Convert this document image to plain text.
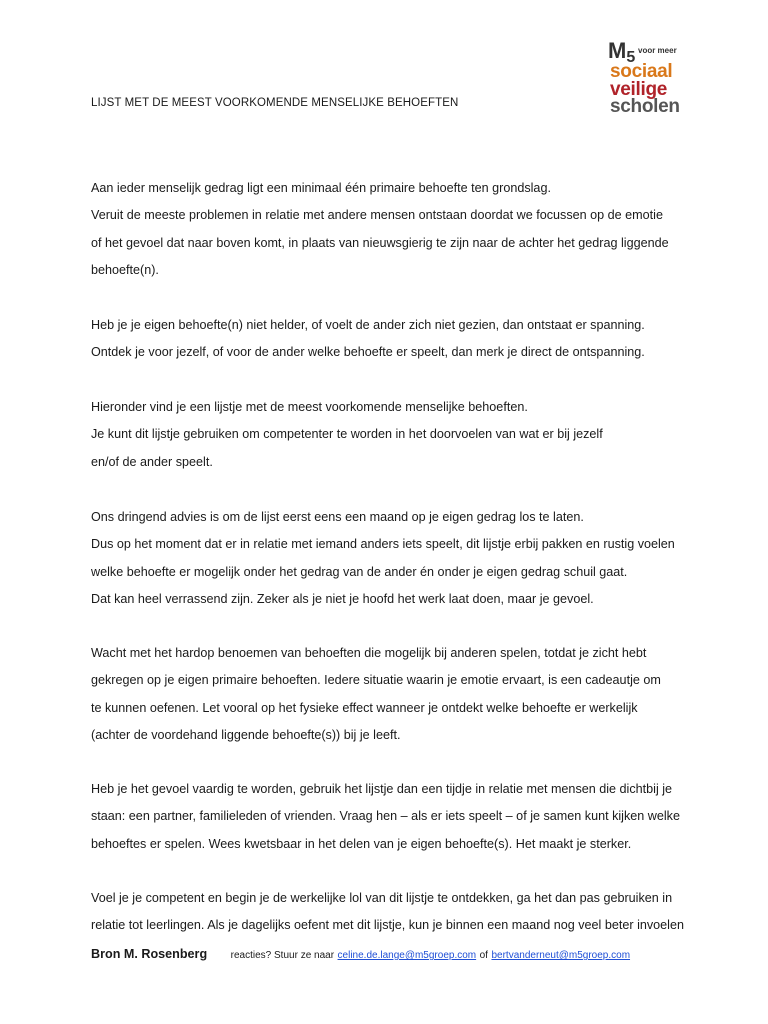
$M_5$ voor meer
sociaal
veilige
scholen
LIJST MET DE MEEST VOORKOMENDE MENSELIJKE BEHOEFTEN
Aan ieder menselijk gedrag ligt een minimaal één primaire behoefte ten grondslag.
Veruit de meeste problemen in relatie met andere mensen ontstaan doordat we focussen op de emotie
of het gevoel dat naar boven komt, in plaats van nieuwsgierig te zijn naar de achter het gedrag liggende
behoefte(n).
Heb je je eigen behoefte(n) niet helder, of voelt de ander zich niet gezien, dan ontstaat er spanning.
Ontdek je voor jezelf, of voor de ander welke behoefte er speelt, dan merk je direct de ontspanning.
Hieronder vind je een lijstje met de meest voorkomende menselijke behoeften.
Je kunt dit lijstje gebruiken om competenter te worden in het doorvoelen van wat er bij jezelf
en/of de ander speelt.
Ons dringend advies is om de lijst eerst eens een maand op je eigen gedrag los te laten.
Dus op het moment dat er in relatie met iemand anders iets speelt, dit lijstje erbij pakken en rustig voelen
welke behoefte er mogelijk onder het gedrag van de ander én onder je eigen gedrag schuil gaat.
Dat kan heel verrassend zijn. Zeker als je niet je hoofd het werk laat doen, maar je gevoel.
Wacht met het hardop benoemen van behoeften die mogelijk bij anderen spelen, totdat je zicht hebt
gekregen op je eigen primaire behoeften. Iedere situatie waarin je emotie ervaart, is een cadeautje om
te kunnen oefenen. Let vooral op het fysieke effect wanneer je ontdekt welke behoefte er werkelijk
(achter de voordehand liggende behoefte(s)) bij je leeft.
Heb je het gevoel vaardig te worden, gebruik het lijstje dan een tijdje in relatie met mensen die dichtbij je
staan: een partner, familieleden of vrienden. Vraag hen – als er iets speelt – of je samen kunt kijken welke
behoeftes er spelen. Wees kwetsbaar in het delen van je eigen behoefte(s). Het maakt je sterker.
Voel je je competent en begin je de werkelijke lol van dit lijstje te ontdekken, ga het dan pas gebruiken in
relatie tot leerlingen. Als je dagelijks oefent met dit lijstje, kun je binnen een maand nog veel beter invoelen
Bron M. Rosenberg reacties? Stuur ze naar celine.de.lange@m5groep.com of bertvanderneut@m5groep.com
